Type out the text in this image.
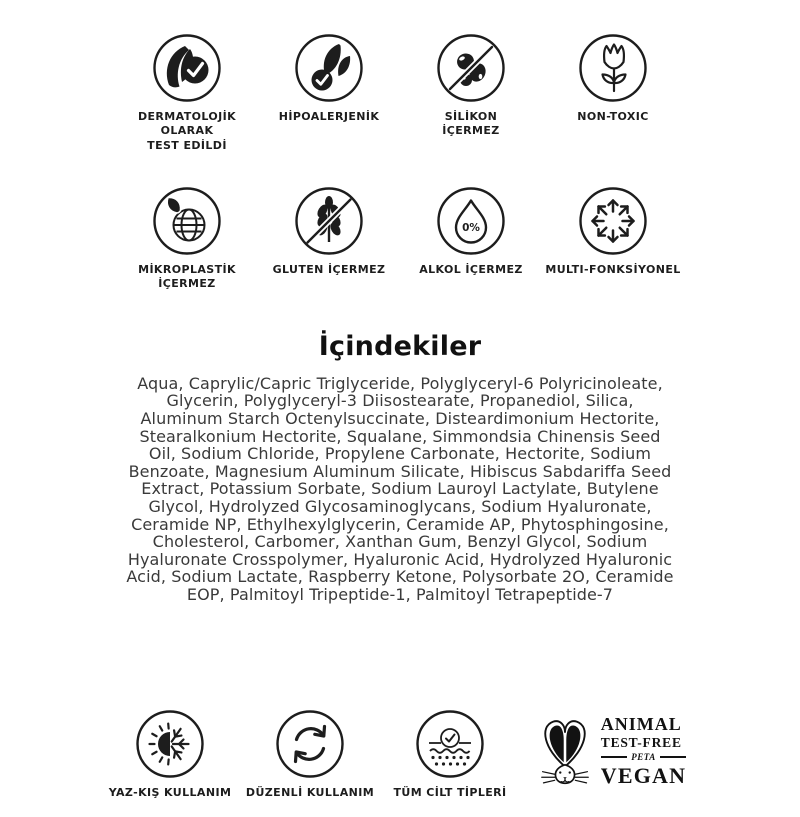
DERMATOLOJİK OLARAK
TEST EDİLDİ
HİPOALERJENİK	SİLİKON
İÇERMEZ
NON-TOXIC
MİKROPLASTİK
İÇERMEZ
GLUTEN İÇERMEZ
0%
ALKOL İÇERMEZ MULTI-FONKSİYONEL
İçindekiler

Aqua, Caprylic/Capric Triglyceride, Polyglyceryl-6 Polyricinoleate, Glycerin, Polyglyceryl-3 Diisostearate, Propanediol, Silica, Aluminum Starch Octenylsuccinate, Disteardimonium Hectorite, Stearalkonium Hectorite, Squalane, Simmondsia Chinensis Seed Oil, Sodium Chloride, Propylene Carbonate, Hectorite, Sodium Benzoate, Magnesium Aluminum Silicate, Hibiscus Sabdariffa Seed Extract, Potassium Sorbate, Sodium Lauroyl Lactylate, Butylene Glycol, Hydrolyzed Glycosaminoglycans, Sodium Hyaluronate, Ceramide NP, Ethylhexylglycerin, Ceramide AP, Phytosphingosine, Cholesterol, Carbomer, Xanthan Gum, Benzyl Glycol, Sodium Hyaluronate Crosspolymer, Hyaluronic Acid, Hydrolyzed Hyaluronic Acid, Sodium Lactate, Raspberry Ketone, Polysorbate 2O, Ceramide EOP, Palmitoyl Tripeptide-1, Palmitoyl Tetrapeptide-7

YAZ-KIŞ KULLANIM DÜZENLİ KULLANIM TÜM CİLT TİPLERİ
ANIMAL
TEST-FREE
PETA
VEGAN
